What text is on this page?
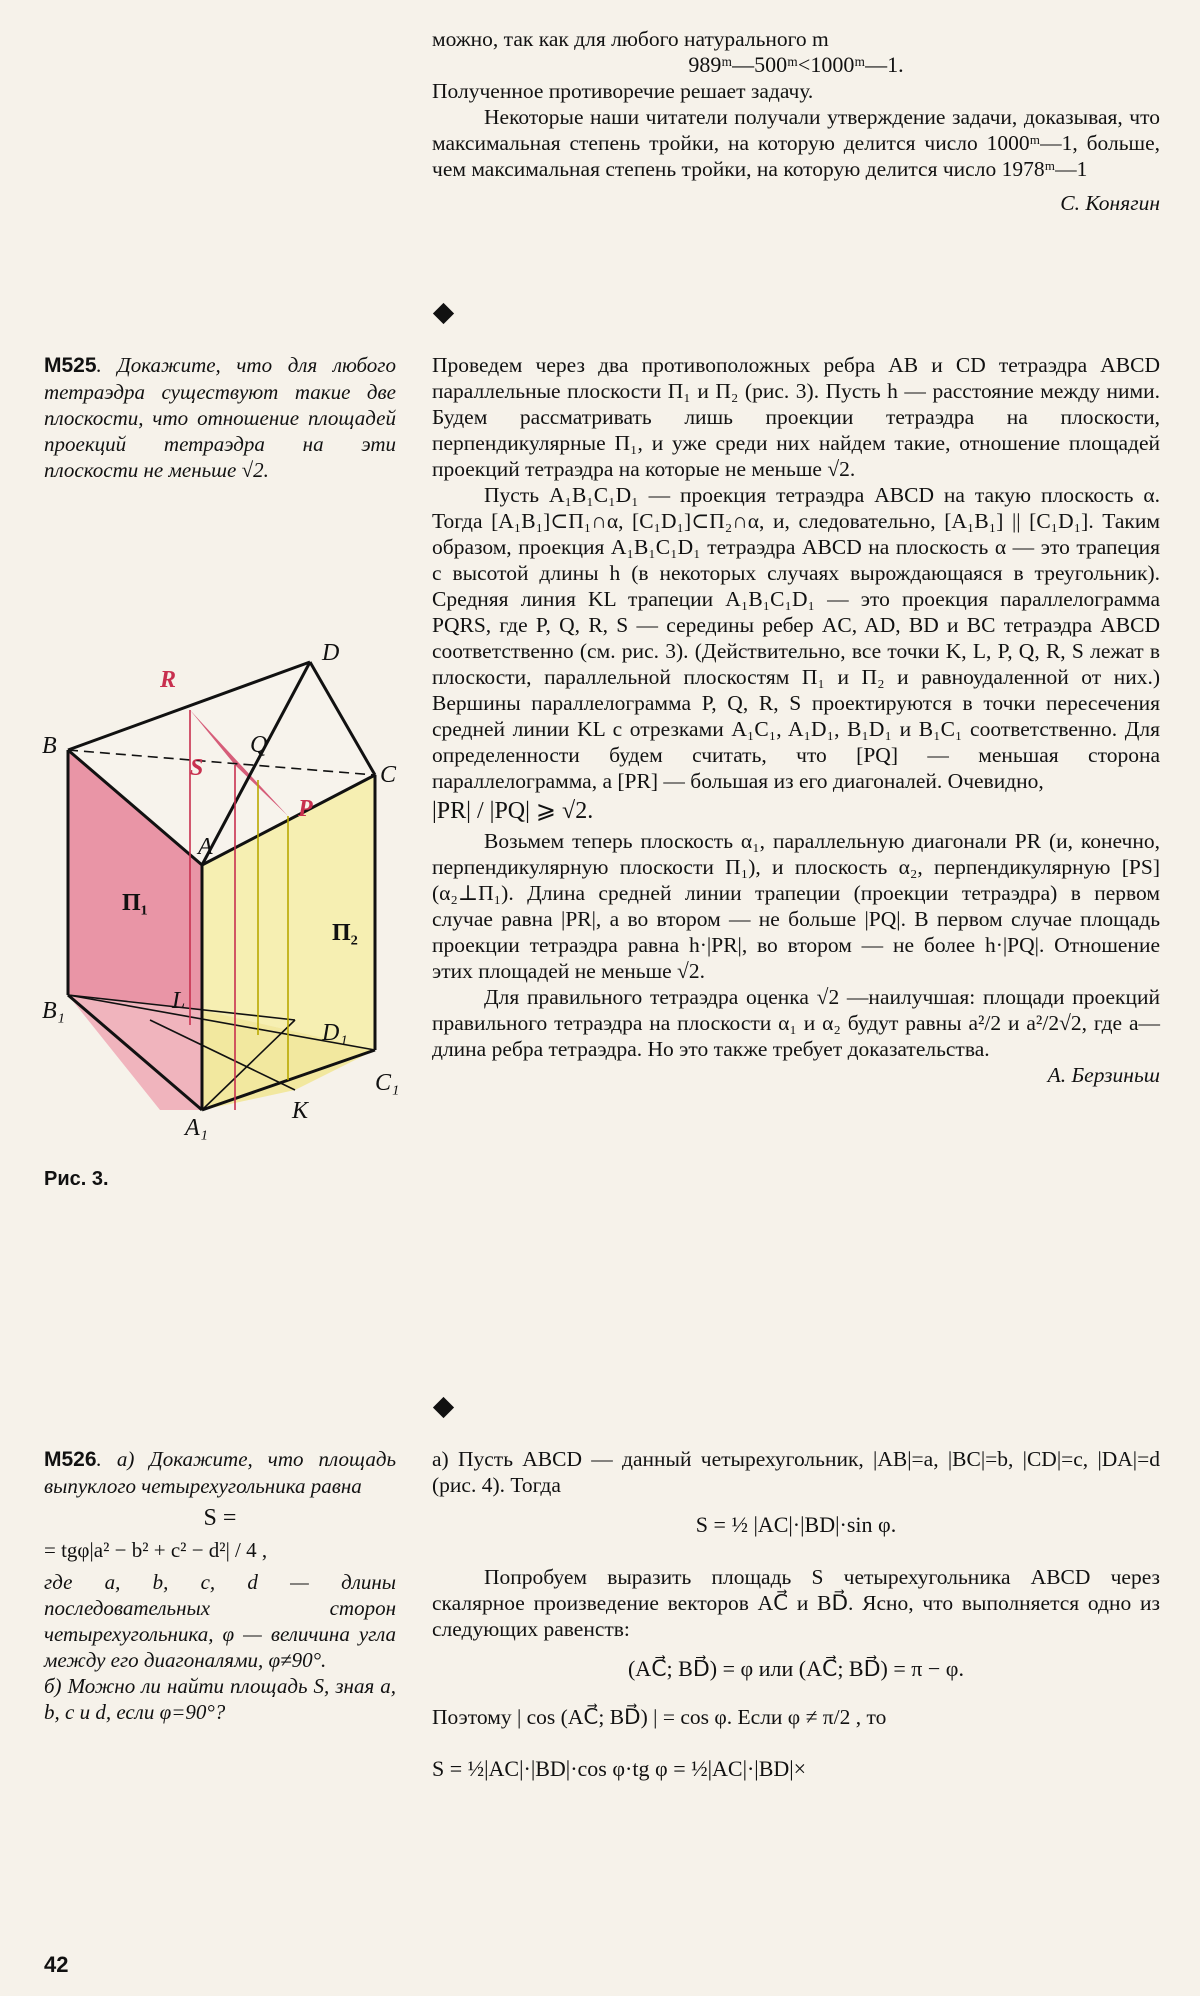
можно, так как для любого натурального m

989ᵐ—500ᵐ<1000ᵐ—1.

Полученное противоречие решает задачу.

Некоторые наши читатели получали утверждение задачи, доказывая, что максимальная степень тройки, на которую делится число 1000ᵐ—1, больше, чем максимальная степень тройки, на которую делится число 1978ᵐ—1

С. Конягин

М525. Докажите, что для любого тетраэдра существуют такие две плоскости, что отношение площадей проекций тетраэдра на эти плоскости не меньше √2.

Проведем через два противоположных ребра AB и CD тетраэдра ABCD параллельные плоскости Π₁ и Π₂ (рис. 3). Пусть h — расстояние между ними. Будем рассматривать лишь проекции тетраэдра на плоскости, перпендикулярные Π₁, и уже среди них найдем такие, отношение площадей проекций тетраэдра на которые не меньше √2.

Пусть A₁B₁C₁D₁ — проекция тетраэдра ABCD на такую плоскость α. Тогда [A₁B₁]⊂Π₁∩α, [C₁D₁]⊂Π₂∩α, и, следовательно, [A₁B₁] || [C₁D₁]. Таким образом, проекция A₁B₁C₁D₁ тетраэдра ABCD на плоскость α — это трапеция с высотой длины h (в некоторых случаях вырождающаяся в треугольник). Средняя линия KL трапеции A₁B₁C₁D₁ — это проекция параллелограмма PQRS, где P, Q, R, S — середины ребер AC, AD, BD и BC тетраэдра ABCD соответственно (см. рис. 3). (Действительно, все точки K, L, P, Q, R, S лежат в плоскости, параллельной плоскостям Π₁ и Π₂ и равноудаленной от них.) Вершины параллелограмма P, Q, R, S проектируются в точки пересечения средней линии KL с отрезками A₁C₁, A₁D₁, B₁D₁ и B₁C₁ соответственно. Для определенности будем считать, что [PQ] — меньшая сторона параллелограмма, а [PR] — большая из его диагоналей. Очевидно,

|PR| / |PQ| ⩾ √2.

Возьмем теперь плоскость α₁, параллельную диагонали PR (и, конечно, перпендикулярную плоскости Π₁), и плоскость α₂, перпендикулярную [PS] (α₂⊥Π₁). Длина средней линии трапеции (проекции тетраэдра) в первом случае равна |PR|, а во втором — не больше |PQ|. В первом случае площадь проекции тетраэдра равна h·|PR|, во втором — не более h·|PQ|. Отношение этих площадей не меньше √2.

Для правильного тетраэдра оценка √2 —наилучшая: площади проекций правильного тетраэдра на плоскости α₁ и α₂ будут равны a²/2 и a²/2√2, где a—длина ребра тетраэдра. Но это также требует доказательства.

А. Берзиньш

R
D
B	Q
C
S
P
A
П₁
П₂
B₁	L
D₁
C₁
A₁
K
Рис. 3.

М526. а) Докажите, что площадь выпуклого четырехугольника равна

S =

= tgφ|a² − b² + c² − d²| / 4 ,

где a, b, c, d — длины последовательных сторон четырехугольника, φ — величина угла между его диагоналями, φ≠90°.

б) Можно ли найти площадь S, зная a, b, c и d, если φ=90°?

а) Пусть ABCD — данный четырехугольник, |AB|=a, |BC|=b, |CD|=c, |DA|=d (рис. 4). Тогда

S = ½ |AC|·|BD|·sin φ.

Попробуем выразить площадь S четырехугольника ABCD через скалярное произведение векторов AC⃗ и BD⃗. Ясно, что выполняется одно из следующих равенств:

(AC⃗; BD⃗) = φ или (AC⃗; BD⃗) = π − φ.

Поэтому | cos (AC⃗; BD⃗) | = cos φ. Если φ ≠ π/2 , то

S = ½|AC|·|BD|·cos φ·tg φ = ½|AC|·|BD|×

42
